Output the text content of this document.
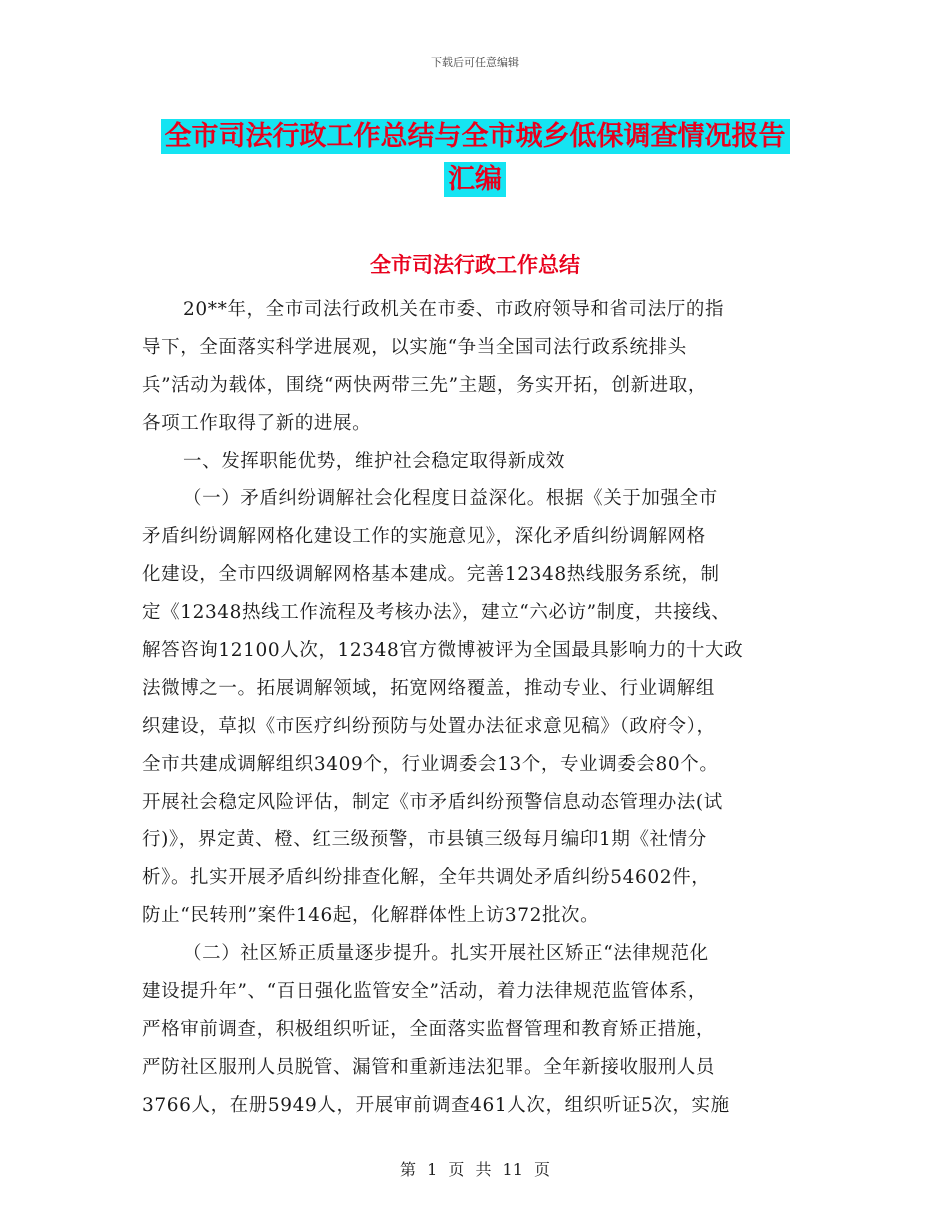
下载后可任意编辑
全市司法行政工作总结与全市城乡低保调查情况报告
汇编
全市司法行政工作总结
20**年，全市司法行政机关在市委、市政府领导和省司法厅的指
导下，全面落实科学进展观，以实施“争当全国司法行政系统排头
兵”活动为载体，围绕“两快两带三先”主题，务实开拓，创新进取，
各项工作取得了新的进展。
一、发挥职能优势，维护社会稳定取得新成效
（一）矛盾纠纷调解社会化程度日益深化。根据《关于加强全市
矛盾纠纷调解网格化建设工作的实施意见》，深化矛盾纠纷调解网格
化建设，全市四级调解网格基本建成。完善12348热线服务系统，制
定《12348热线工作流程及考核办法》，建立“六必访”制度，共接线、
解答咨询12100人次，12348官方微博被评为全国最具影响力的十大政
法微博之一。拓展调解领域，拓宽网络覆盖，推动专业、行业调解组
织建设，草拟《市医疗纠纷预防与处置办法征求意见稿》（政府令），
全市共建成调解组织3409个，行业调委会13个，专业调委会80个。
开展社会稳定风险评估，制定《市矛盾纠纷预警信息动态管理办法(试
行)》，界定黄、橙、红三级预警，市县镇三级每月编印1期《社情分
析》。扎实开展矛盾纠纷排查化解，全年共调处矛盾纠纷54602件，
防止“民转刑”案件146起，化解群体性上访372批次。
（二）社区矫正质量逐步提升。扎实开展社区矫正“法律规范化
建设提升年”、“百日强化监管安全”活动，着力法律规范监管体系，
严格审前调查，积极组织听证，全面落实监督管理和教育矫正措施，
严防社区服刑人员脱管、漏管和重新违法犯罪。全年新接收服刑人员
3766人，在册5949人，开展审前调查461人次，组织听证5次，实施
第 1 页 共 11 页
